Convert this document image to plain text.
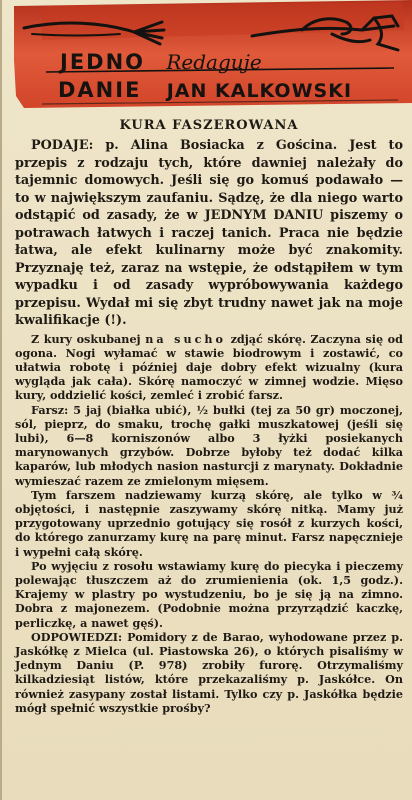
JEDNO Redaguje
DANIE JAN KALKOWSKI
KURA FASZEROWANA

PODAJE: p. Alina Bosiacka z Gościna. Jest to przepis z rodzaju tych, które dawniej należały do tajemnic domowych. Jeśli się go komuś podawało — to w największym zaufaniu. Sądzę, że dla niego warto odstąpić od zasady, że w JEDNYM DANIU piszemy o potrawach łatwych i raczej tanich. Praca nie będzie łatwa, ale efekt kulinarny może być znakomity. Przyznaję też, zaraz na wstępie, że odstąpiłem w tym wypadku i od zasady wypróbowywania każdego przepisu. Wydał mi się zbyt trudny nawet jak na moje kwalifikacje (!).

Z kury oskubanej na sucho zdjąć skórę. Zaczyna się od ogona. Nogi wyłamać w stawie biodrowym i zostawić, co ułatwia robotę i później daje dobry efekt wizualny (kura wygląda jak cała). Skórę namoczyć w zimnej wodzie. Mięso kury, oddzielić kości, zemleć i zrobić farsz.

Farsz: 5 jaj (białka ubić), ½ bułki (tej za 50 gr) moczonej, sól, pieprz, do smaku, trochę gałki muszkatowej (jeśli się lubi), 6—8 korniszonów albo 3 łyżki posiekanych marynowanych grzybów. Dobrze byłoby też dodać kilka kaparów, lub młodych nasion nasturcji z marynaty. Dokładnie wymieszać razem ze zmielonym mięsem.

Tym farszem nadziewamy kurzą skórę, ale tylko w ¾ objętości, i następnie zaszywamy skórę nitką. Mamy już przygotowany uprzednio gotujący się rosół z kurzych kości, do którego zanurzamy kurę na parę minut. Farsz napęcznieje i wypełni całą skórę.

Po wyjęciu z rosołu wstawiamy kurę do piecyka i pieczemy polewając tłuszczem aż do zrumienienia (ok. 1,5 godz.). Krajemy w plastry po wystudzeniu, bo je się ją na zimno. Dobra z majonezem. (Podobnie można przyrządzić kaczkę, perliczkę, a nawet gęś).

ODPOWIEDZI: Pomidory z de Barao, wyhodowane przez p. Jaskółkę z Mielca (ul. Piastowska 26), o których pisaliśmy w Jednym Daniu (P. 978) zrobiły furorę. Otrzymaliśmy kilkadziesiąt listów, które przekazaliśmy p. Jaskółce. On również zasypany został listami. Tylko czy p. Jaskółka będzie mógł spełnić wszystkie prośby?
